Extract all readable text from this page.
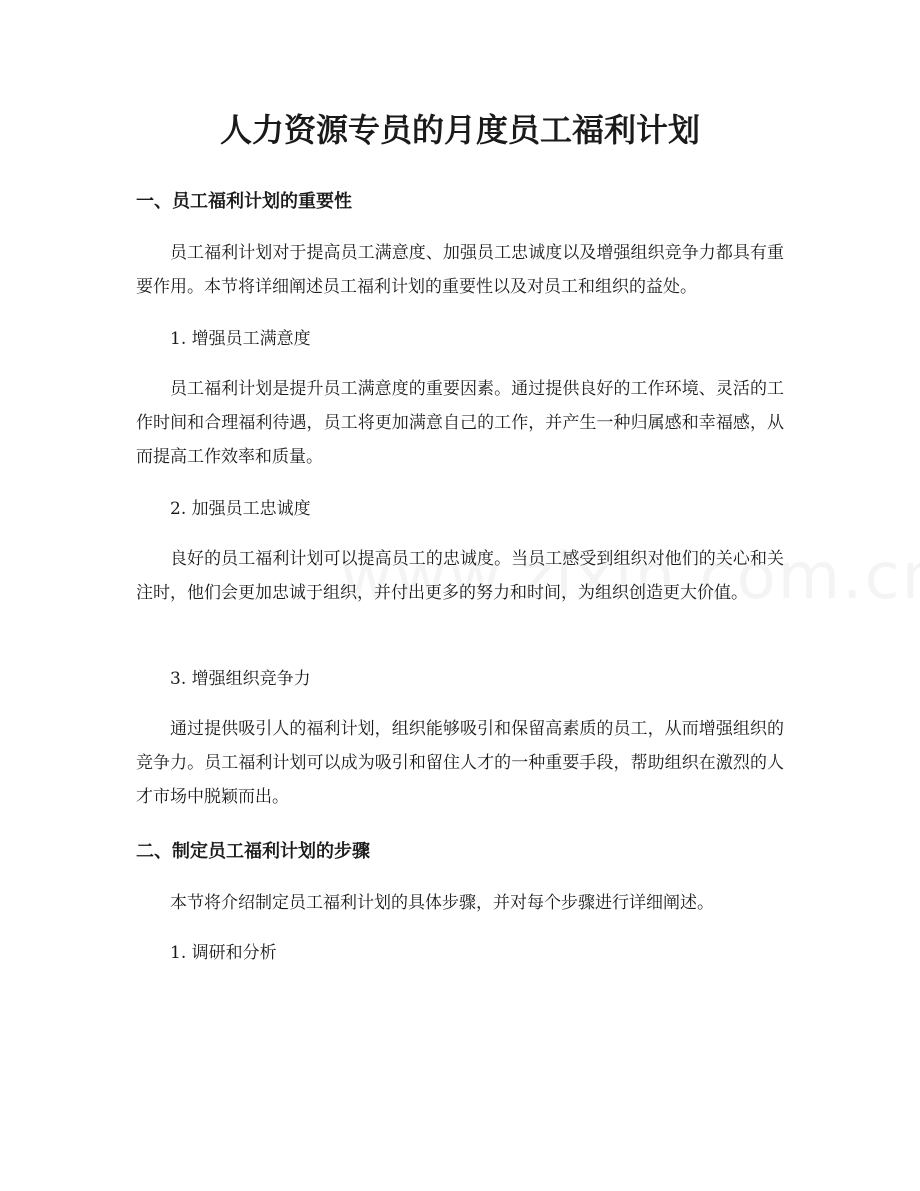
人力资源专员的月度员工福利计划
一、员工福利计划的重要性

员工福利计划对于提高员工满意度、加强员工忠诚度以及增强组织竞争力都具有重要作用。本节将详细阐述员工福利计划的重要性以及对员工和组织的益处。

1. 增强员工满意度

员工福利计划是提升员工满意度的重要因素。通过提供良好的工作环境、灵活的工作时间和合理福利待遇，员工将更加满意自己的工作，并产生一种归属感和幸福感，从而提高工作效率和质量。

2. 加强员工忠诚度

良好的员工福利计划可以提高员工的忠诚度。当员工感受到组织对他们的关心和关注时，他们会更加忠诚于组织，并付出更多的努力和时间，为组织创造更大价值。

3. 增强组织竞争力

通过提供吸引人的福利计划，组织能够吸引和保留高素质的员工，从而增强组织的竞争力。员工福利计划可以成为吸引和留住人才的一种重要手段，帮助组织在激烈的人才市场中脱颖而出。

二、制定员工福利计划的步骤

本节将介绍制定员工福利计划的具体步骤，并对每个步骤进行详细阐述。

1. 调研和分析
